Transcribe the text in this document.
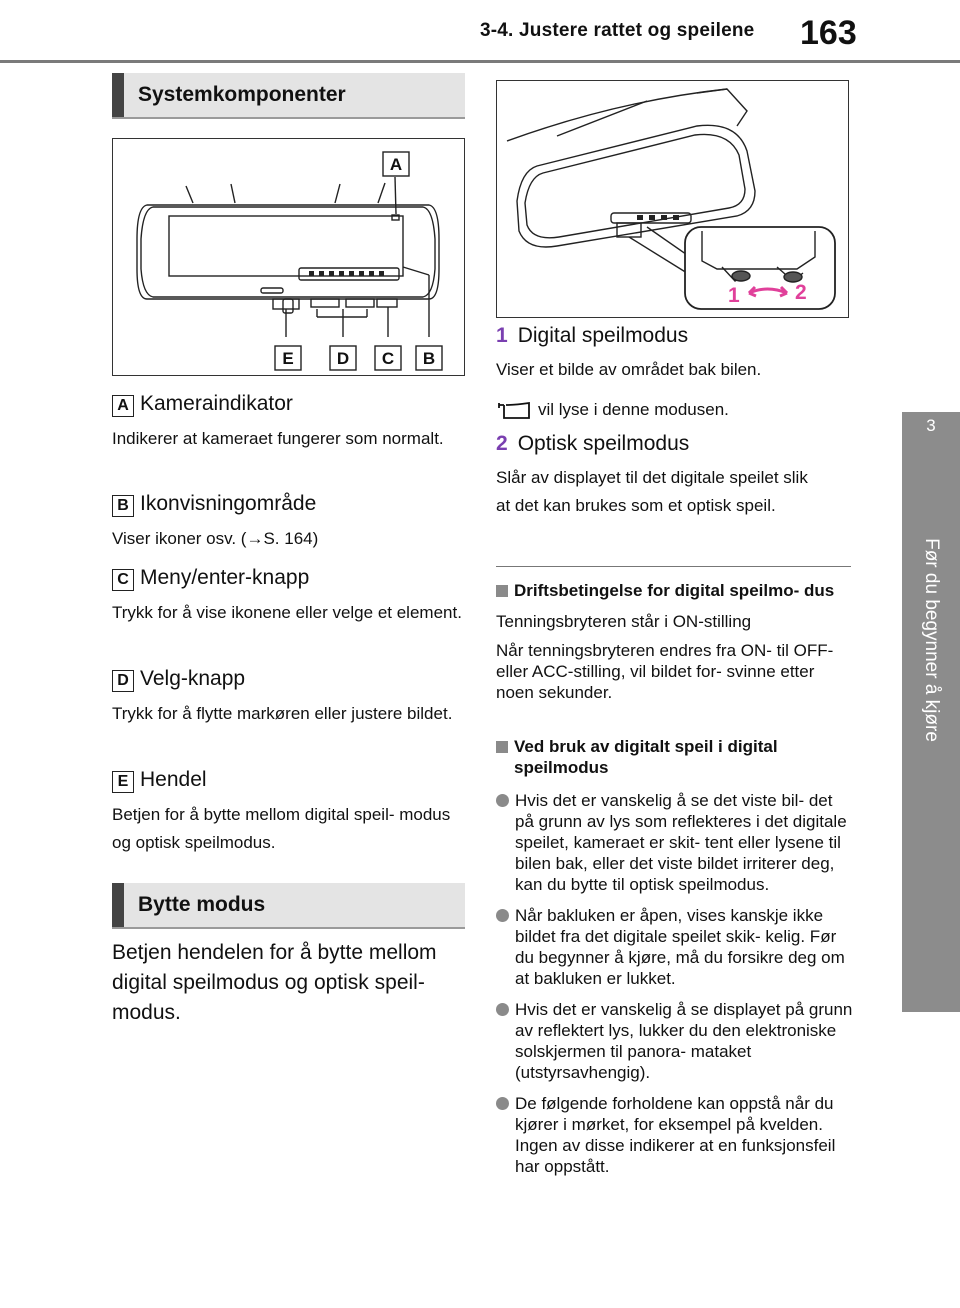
3-4. Justere rattet og speilene	163
3
Før du begynner å kjøre
Systemkomponenter
A
E	D C B
A Kameraindikator
Indikerer at kameraet fungerer som normalt.
B Ikonvisningområde
Viser ikoner osv. (→S. 164)
C Meny/enter-knapp
Trykk for å vise ikonene eller velge et element.
D Velg-knapp
Trykk for å flytte markøren eller justere bildet.
E Hendel
Betjen for å bytte mellom digital speil- modus og optisk speilmodus.
Bytte modus
Betjen hendelen for å bytte mellom digital speilmodus og optisk speil- modus.
1	2
1 Digital speilmodus
Viser et bilde av området bak bilen.
vil lyse i denne modusen.
2 Optisk speilmodus
Slår av displayet til det digitale speilet slik at det kan brukes som et optisk speil.
Driftsbetingelse for digital speilmo- dus
Tenningsbryteren står i ON-stilling
Når tenningsbryteren endres fra ON- til OFF- eller ACC-stilling, vil bildet for- svinne etter noen sekunder.
Ved bruk av digitalt speil i digital speilmodus
Hvis det er vanskelig å se det viste bil- det på grunn av lys som reflekteres i det digitale speilet, kameraet er skit- tent eller lysene til bilen bak, eller det viste bildet irriterer deg, kan du bytte til optisk speilmodus.
Når bakluken er åpen, vises kanskje ikke bildet fra det digitale speilet skik- kelig. Før du begynner å kjøre, må du forsikre deg om at bakluken er lukket.
Hvis det er vanskelig å se displayet på grunn av reflektert lys, lukker du den elektroniske solskjermen til panora- mataket (utstyrsavhengig).
De følgende forholdene kan oppstå når du kjører i mørket, for eksempel på kvelden. Ingen av disse indikerer at en funksjonsfeil har oppstått.
